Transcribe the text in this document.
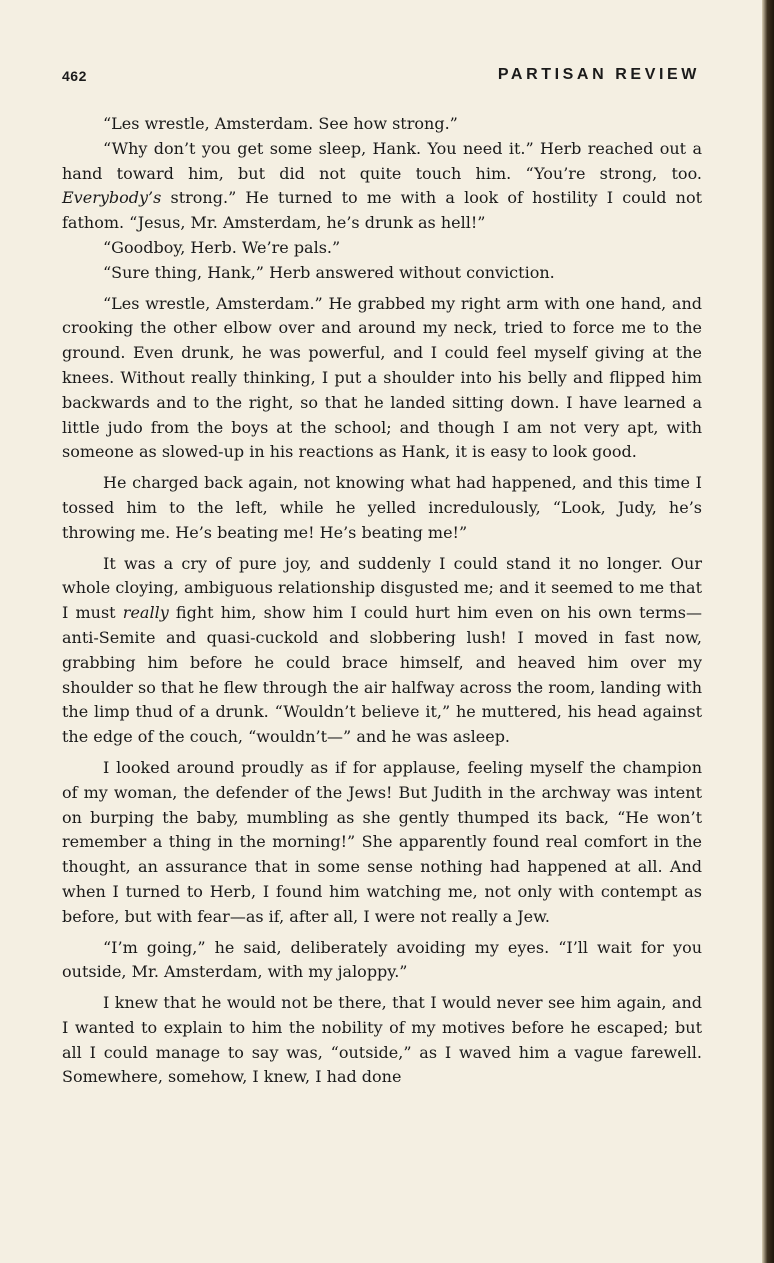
462	PARTISAN REVIEW

“Les wrestle, Amsterdam. See how strong.”

“Why don’t you get some sleep, Hank. You need it.” Herb reached out a hand toward him, but did not quite touch him. “You’re strong, too. Everybody’s strong.” He turned to me with a look of hostility I could not fathom. “Jesus, Mr. Amsterdam, he’s drunk as hell!”

“Goodboy, Herb. We’re pals.”

“Sure thing, Hank,” Herb answered without conviction.

“Les wrestle, Amsterdam.” He grabbed my right arm with one hand, and crooking the other elbow over and around my neck, tried to force me to the ground. Even drunk, he was powerful, and I could feel myself giving at the knees. Without really thinking, I put a shoulder into his belly and flipped him backwards and to the right, so that he landed sitting down. I have learned a little judo from the boys at the school; and though I am not very apt, with someone as slowed-up in his reactions as Hank, it is easy to look good.

He charged back again, not knowing what had happened, and this time I tossed him to the left, while he yelled incredulously, “Look, Judy, he’s throwing me. He’s beating me! He’s beating me!”

It was a cry of pure joy, and suddenly I could stand it no longer. Our whole cloying, ambiguous relationship disgusted me; and it seemed to me that I must really fight him, show him I could hurt him even on his own terms—anti-Semite and quasi-cuckold and slobbering lush! I moved in fast now, grabbing him before he could brace himself, and heaved him over my shoulder so that he flew through the air halfway across the room, landing with the limp thud of a drunk. “Wouldn’t believe it,” he muttered, his head against the edge of the couch, “wouldn’t—” and he was asleep.

I looked around proudly as if for applause, feeling myself the champion of my woman, the defender of the Jews! But Judith in the archway was intent on burping the baby, mumbling as she gently thumped its back, “He won’t remember a thing in the morning!” She apparently found real comfort in the thought, an assurance that in some sense nothing had happened at all. And when I turned to Herb, I found him watching me, not only with contempt as before, but with fear—as if, after all, I were not really a Jew.

“I’m going,” he said, deliberately avoiding my eyes. “I’ll wait for you outside, Mr. Amsterdam, with my jaloppy.”

I knew that he would not be there, that I would never see him again, and I wanted to explain to him the nobility of my motives before he escaped; but all I could manage to say was, “outside,” as I waved him a vague farewell. Somewhere, somehow, I knew, I had done
